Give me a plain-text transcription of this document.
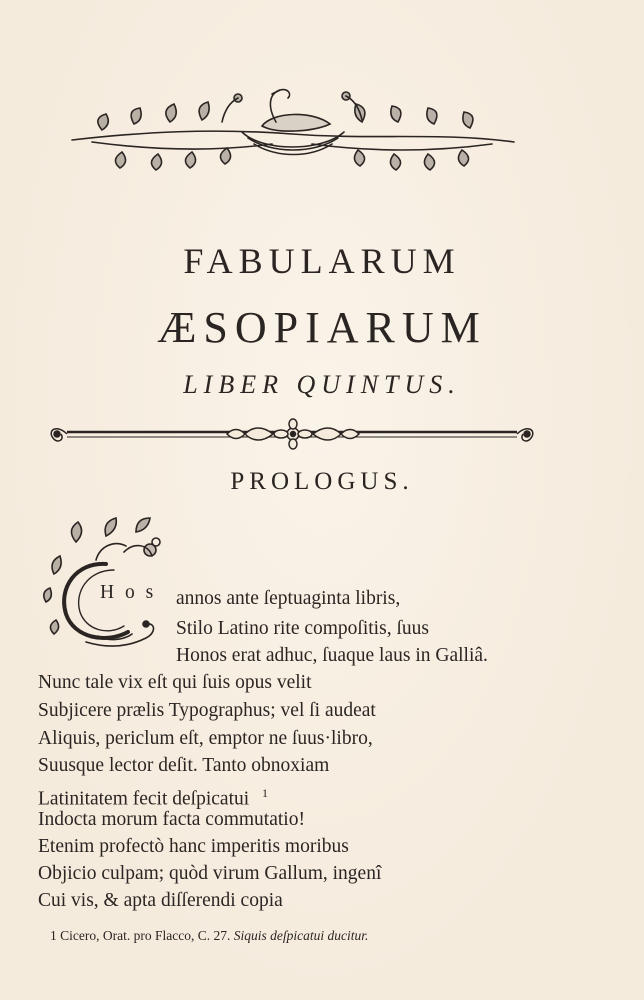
FABULARUM
ÆSOPIARUM
LIBER QUINTUS.
PROLOGUS.
H o s annos ante ſeptuaginta libris,
Stilo Latino rite compoſitis, ſuus
Honos erat adhuc, ſuaque laus in Galliâ.
Nunc tale vix eſt qui ſuis opus velit
Subjicere prælis Typographus; vel ſi audeat
Aliquis, periclum eſt, emptor ne ſuus·libro,
Suusque lector deſit. Tanto obnoxiam
Latinitatem fecit deſpicatui $^1$
Indocta morum facta commutatio!
Etenim profectò hanc imperitis moribus
Objicio culpam; quòd virum Gallum, ingenî
Cui vis, & apta diſſerendi copia
1 Cicero, Orat. pro Flacco, C. 27. Siquis deſpicatui ducitur.
